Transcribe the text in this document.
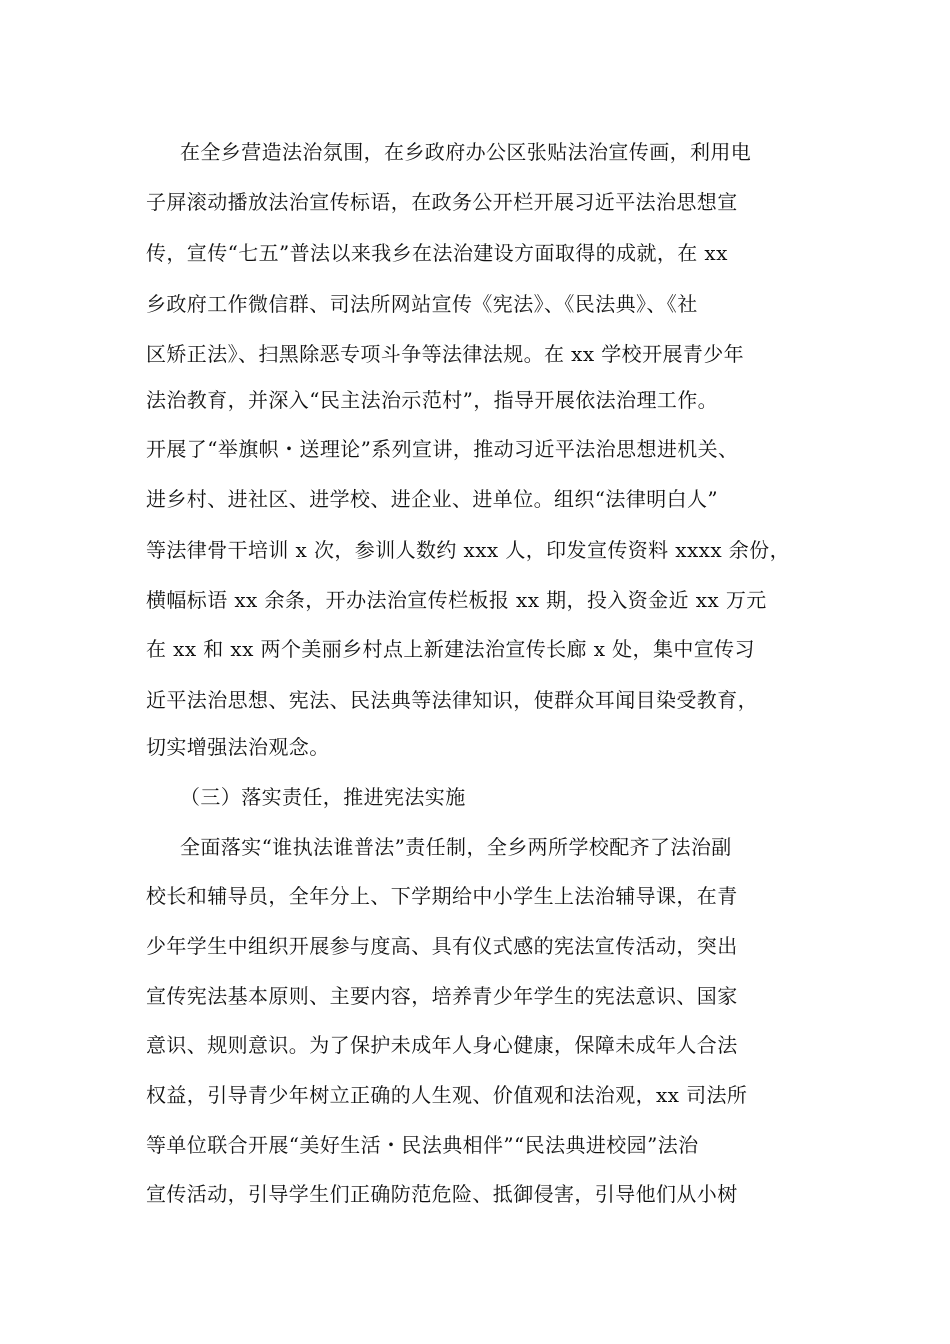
在全乡营造法治氛围，在乡政府办公区张贴法治宣传画，利用电
子屏滚动播放法治宣传标语，在政务公开栏开展习近平法治思想宣
传，宣传“七五”普法以来我乡在法治建设方面取得的成就，在 xx
乡政府工作微信群、司法所网站宣传《宪法》、《民法典》、《社
区矫正法》、扫黑除恶专项斗争等法律法规。在 xx 学校开展青少年
法治教育，并深入“民主法治示范村”，指导开展依法治理工作。
开展了“举旗帜・送理论”系列宣讲，推动习近平法治思想进机关、
进乡村、进社区、进学校、进企业、进单位。组织“法律明白人”
等法律骨干培训 x 次，参训人数约 xxx 人，印发宣传资料 xxxx 余份，
横幅标语 xx 余条，开办法治宣传栏板报 xx 期，投入资金近 xx 万元
在 xx 和 xx 两个美丽乡村点上新建法治宣传长廊 x 处，集中宣传习
近平法治思想、宪法、民法典等法律知识，使群众耳闻目染受教育，
切实增强法治观念。
（三）落实责任，推进宪法实施
全面落实“谁执法谁普法”责任制，全乡两所学校配齐了法治副
校长和辅导员，全年分上、下学期给中小学生上法治辅导课，在青
少年学生中组织开展参与度高、具有仪式感的宪法宣传活动，突出
宣传宪法基本原则、主要内容，培养青少年学生的宪法意识、国家
意识、规则意识。为了保护未成年人身心健康，保障未成年人合法
权益，引导青少年树立正确的人生观、价值观和法治观，xx 司法所
等单位联合开展“美好生活・民法典相伴”“民法典进校园”法治
宣传活动，引导学生们正确防范危险、抵御侵害，引导他们从小树
